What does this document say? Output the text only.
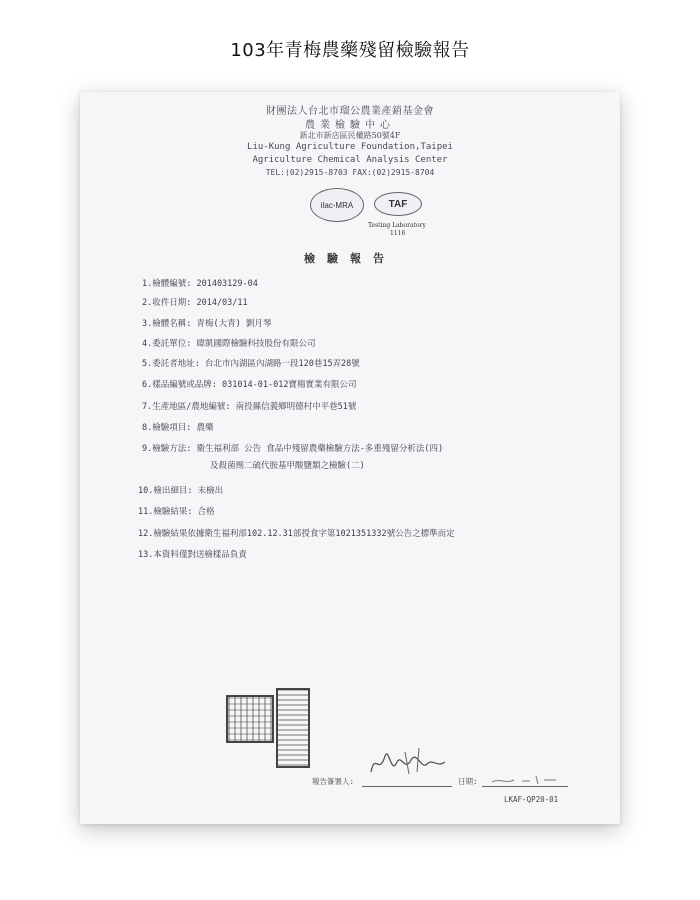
103年青梅農藥殘留檢驗報告
財團法人台北市瑠公農業產銷基金會
農業檢驗中心
新北市新店區民權路50號4F
Liu-Kung Agriculture Foundation,Taipei
Agriculture Chemical Analysis Center
TEL:(02)2915-8703 FAX:(02)2915-8704
ilac-MRA	TAF
Testing Laboratory
1116
檢驗報告
1.檢體編號: 201403129-04
2.收件日期: 2014/03/11
3.檢體名稱: 青梅(大青) 劉月琴
4.委託單位: 暐凱國際檢驗科技股份有限公司
5.委託者地址: 台北市內湖區內湖路一段120巷15弄28號
6.樣品編號或品牌: 031014-01-012寶楊實業有限公司
7.生產地區/農地編號: 南投縣信義鄉明德村中平巷51號
8.檢驗項目: 農藥
9.檢驗方法: 衛生福利部 公告 食品中殘留農藥檢驗方法-多重殘留分析法(四)
及殺菌劑二硫代胺基甲酸鹽類之檢驗(二)
10.檢出細目: 未檢出
11.檢驗結果: 合格
12.檢驗結果依據衛生福利部102.12.31部授食字第1021351332號公告之標準而定
13.本資料僅對送檢樣品負責
報告簽署人:	日期:
LKAF-QP20-01
